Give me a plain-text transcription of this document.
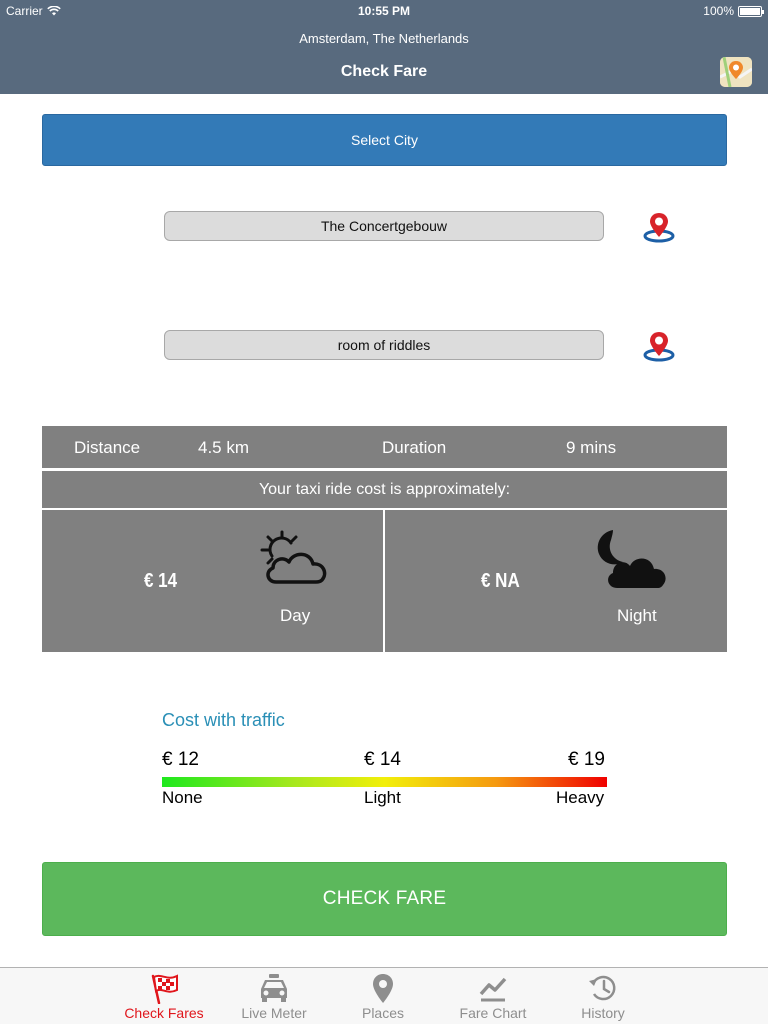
Carrier	10:55 PM	100%
Amsterdam, The Netherlands
Check Fare
Select City
The Concertgebouw
room of riddles
Distance	4.5 km	Duration	9 mins
Your taxi ride cost is approximately:
€ 14
Day
€ NA
Night
Cost with traffic
€ 12	€ 14	€ 19
None	Light	Heavy
CHECK FARE
Check Fares	Live Meter	Places	Fare Chart	History
